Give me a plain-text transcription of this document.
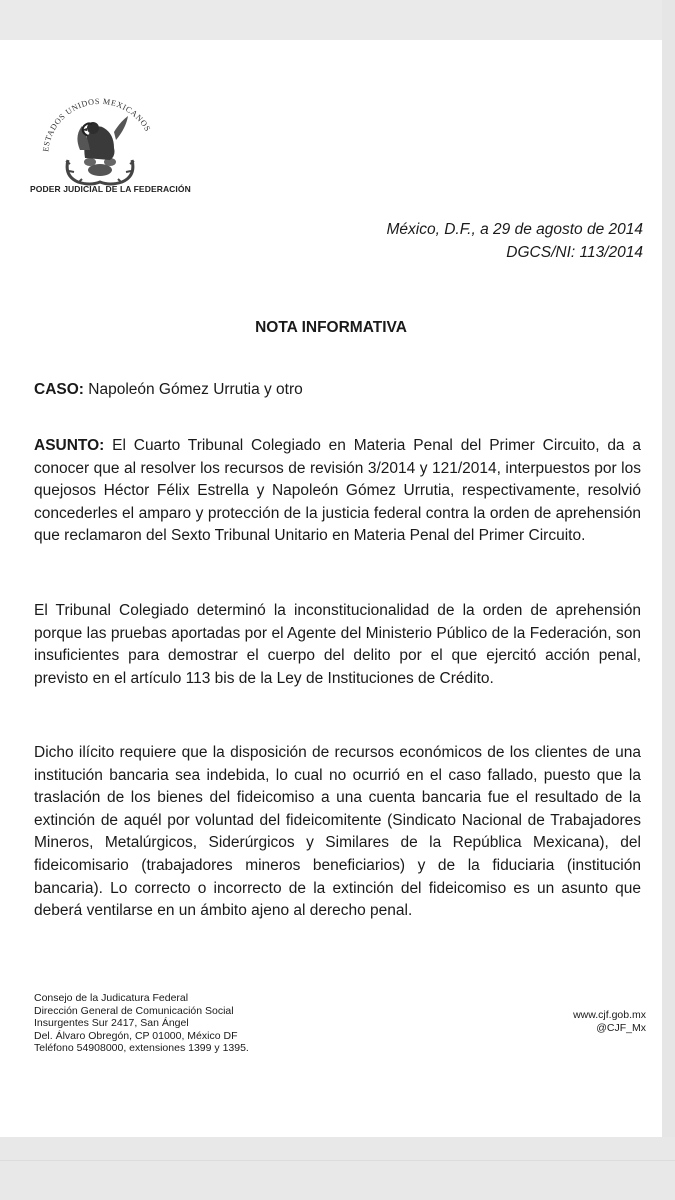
ESTADOS UNIDOS MEXICANOS
PODER JUDICIAL DE LA FEDERACIÓN
México, D.F., a 29 de agosto de 2014
DGCS/NI: 113/2014
NOTA INFORMATIVA
CASO: Napoleón Gómez Urrutia y otro
ASUNTO: El Cuarto Tribunal Colegiado en Materia Penal del Primer Circuito, da a conocer que al resolver los recursos de revisión 3/2014 y 121/2014, interpuestos por los quejosos Héctor Félix Estrella y Napoleón Gómez Urrutia, respectivamente, resolvió concederles el amparo y protección de la justicia federal contra la orden de aprehensión que reclamaron del Sexto Tribunal Unitario en Materia Penal del Primer Circuito.
El Tribunal Colegiado determinó la inconstitucionalidad de la orden de aprehensión porque las pruebas aportadas por el Agente del Ministerio Público de la Federación, son insuficientes para demostrar el cuerpo del delito por el que ejercitó acción penal, previsto en el artículo 113 bis de la Ley de Instituciones de Crédito.
Dicho ilícito requiere que la disposición de recursos económicos de los clientes de una institución bancaria sea indebida, lo cual no ocurrió en el caso fallado, puesto que la traslación de los bienes del fideicomiso a una cuenta bancaria fue el resultado de la extinción de aquél por voluntad del fideicomitente (Sindicato Nacional de Trabajadores Mineros, Metalúrgicos, Siderúrgicos y Similares de la República Mexicana), del fideicomisario (trabajadores mineros beneficiarios) y de la fiduciaria (institución bancaria). Lo correcto o incorrecto de la extinción del fideicomiso es un asunto que deberá ventilarse en un ámbito ajeno al derecho penal.
Consejo de la Judicatura Federal
Dirección General de Comunicación Social
Insurgentes Sur 2417, San Ángel
Del. Álvaro Obregón, CP 01000, México DF
Teléfono 54908000, extensiones 1399 y 1395.
www.cjf.gob.mx
@CJF_Mx
